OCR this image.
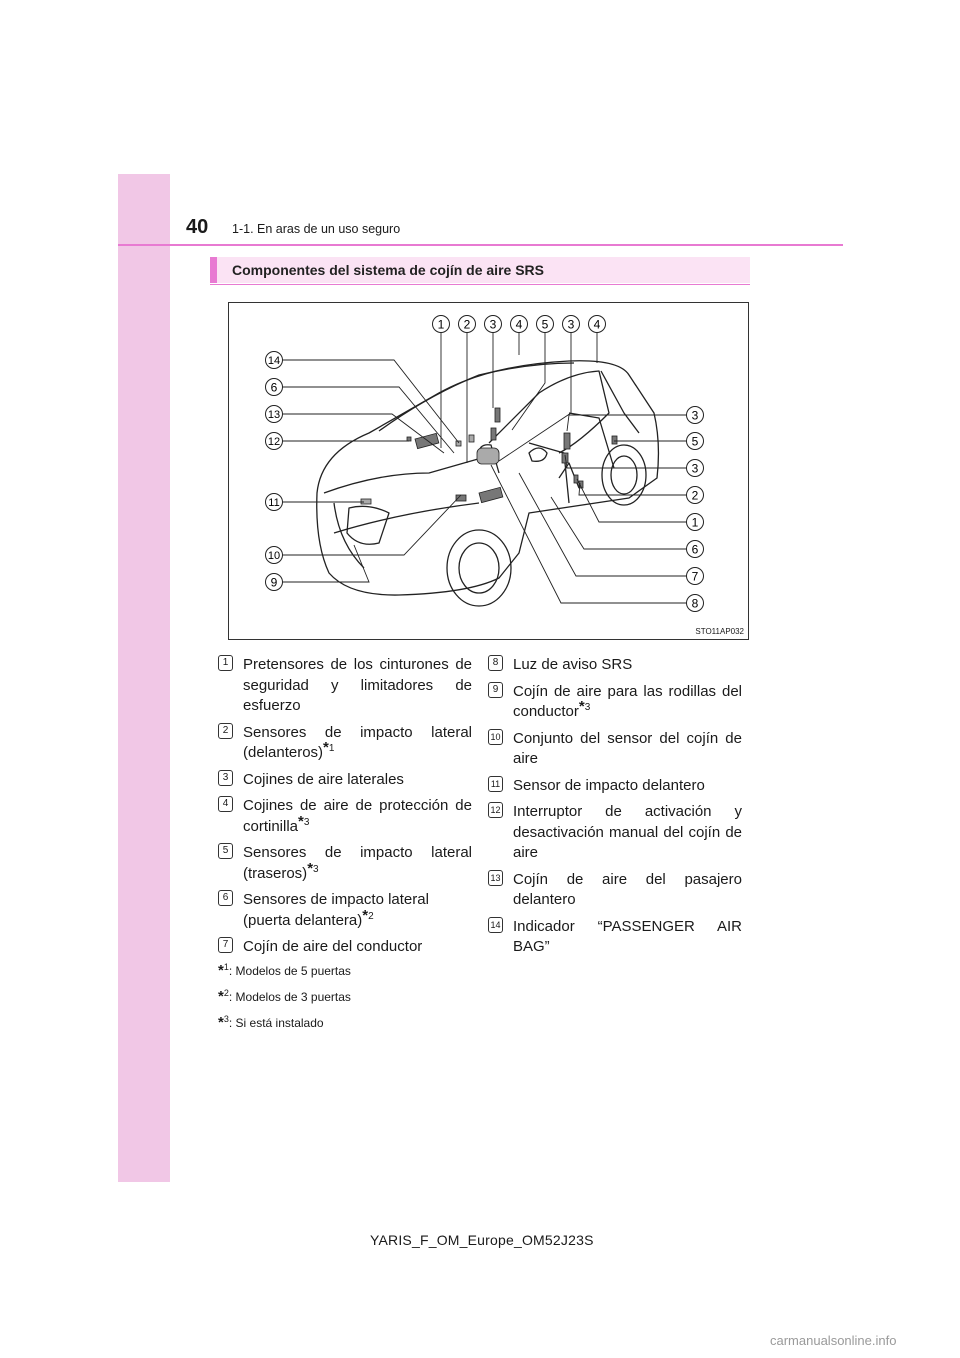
40 1-1. En aras de un uso seguro
Componentes del sistema de cojín de aire SRS
1 2 3 4 5 3 4
14
6
13
12
11
10
9
3
5
3
2
1
6
7
8
STO11AP032
1 Pretensores de los cinturones de seguridad y limitadores de esfuerzo
2 Sensores de impacto lateral (delanteros)$^{*1}$
3 Cojines de aire laterales
4 Cojines de aire de protección de cortinilla$^{*3}$
5 Sensores de impacto lateral (traseros)$^{*3}$
6 Sensores de impacto lateral (puerta delantera)$^{*2}$
7 Cojín de aire del conductor
8 Luz de aviso SRS
9 Cojín de aire para las rodillas del conductor$^{*3}$
10 Conjunto del sensor del cojín de aire
11 Sensor de impacto delantero
12 Interruptor de activación y desactivación manual del cojín de aire
13 Cojín de aire del pasajero delantero
14 Indicador “PASSENGER AIR BAG”
*$^1$: Modelos de 5 puertas
*$^2$: Modelos de 3 puertas
*$^3$: Si está instalado
YARIS_F_OM_Europe_OM52J23S
carmanualsonline.info
